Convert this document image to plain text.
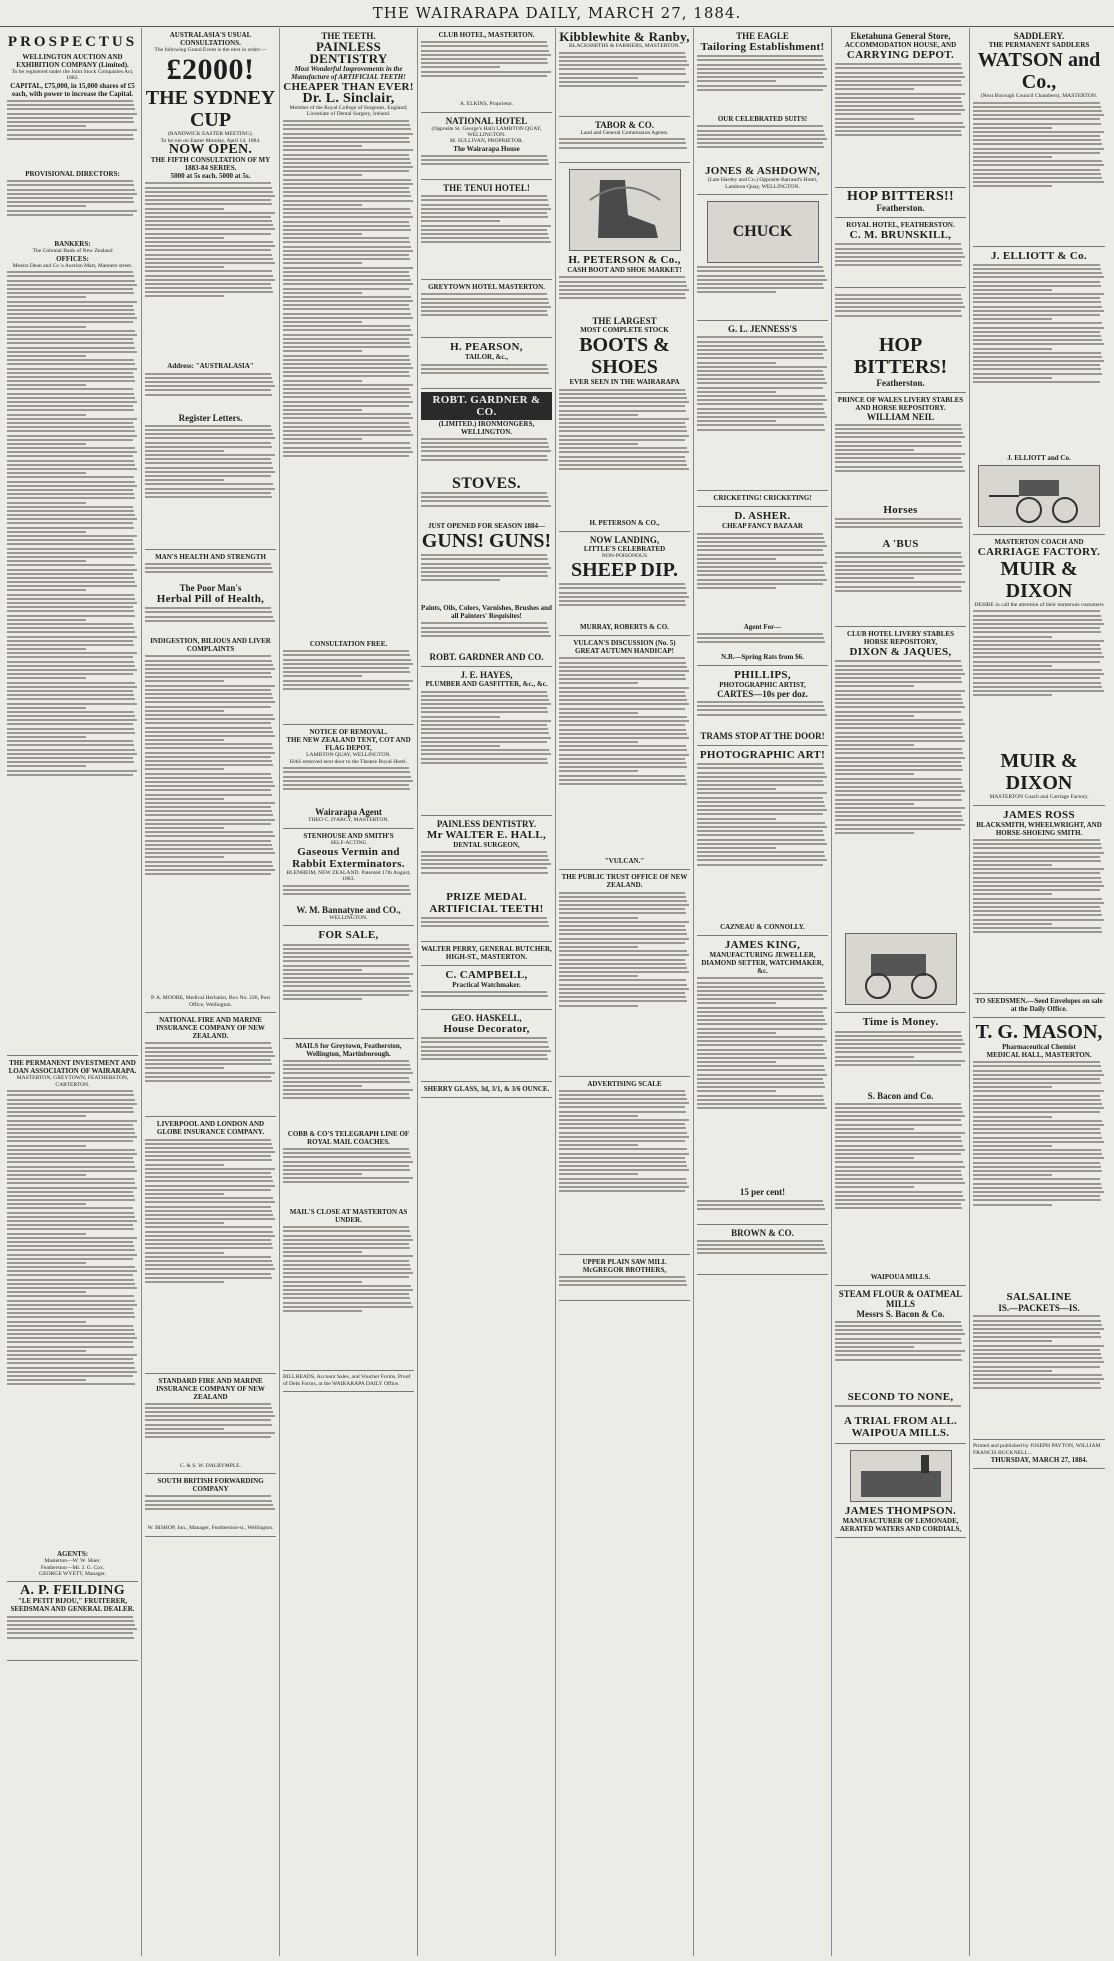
THE WAIRARAPA DAILY, MARCH 27, 1884.
PROSPECTUS
WELLINGTON AUCTION AND EXHIBITION COMPANY (Limited).
To be registered under the Joint Stock Companies Act, 1882.
CAPITAL, £75,000, in 15,000 shares of £5 each, with power to increase the Capital.
PROVISIONAL DIRECTORS:
BANKERS:
The Colonial Bank of New Zealand
OFFICES:
Messrs Dean and Co.'s Auction Mart, Manners street.
THE PERMANENT INVESTMENT AND LOAN ASSOCIATION OF WAIRARAPA.
MASTERTON, GREYTOWN, FEATHERSTON, CARTERTON.
AGENTS:
Masterton—W. W. Shier.
Featherston—Mr. J. G. Cox.
GEORGE WYETT, Manager.
A. P. FEILDING
"LE PETIT BIJOU," FRUITERER, SEEDSMAN AND GENERAL DEALER.
AUSTRALASIA'S USUAL CONSULTATIONS.
The following Grand Event is the next in order:—
£2000!
THE SYDNEY CUP
(RANDWICK EASTER MEETING).
To be run on Easter Monday, April 14, 1884.
NOW OPEN.
THE FIFTH CONSULTATION OF MY 1883-84 SERIES.
5000 at 5s each. 5000 at 5s.
Address: "AUSTRALASIA"
Register Letters.
MAN'S HEALTH AND STRENGTH
The Poor Man's
Herbal Pill of Health,
INDIGESTION, BILIOUS AND LIVER COMPLAINTS
P. A. MOORE, Medical Herbalist, Box No. 226, Post Office, Wellington.
NATIONAL FIRE AND MARINE INSURANCE COMPANY OF NEW ZEALAND.
LIVERPOOL AND LONDON AND GLOBE INSURANCE COMPANY.
STANDARD FIRE AND MARINE INSURANCE COMPANY OF NEW ZEALAND
C. & S. W. DALRYMPLE.
SOUTH BRITISH FORWARDING COMPANY
W. BISHOP, Jun., Manager, Featherston-st., Wellington.
THE TEETH.
PAINLESS DENTISTRY
Most Wonderful Improvements in the Manufacture of ARTIFICIAL TEETH!
CHEAPER THAN EVER!
Dr. L. Sinclair,
Member of the Royal College of Surgeons, England; Licentiate of Dental Surgery, Ireland.
CONSULTATION FREE.
NOTICE OF REMOVAL.
THE NEW ZEALAND TENT, COT AND FLAG DEPOT,
LAMBTON QUAY, WELLINGTON.
HAS removed next door to the Theatre Royal Hotel.
Wairarapa Agent
THEO C. D'ARCY, MASTERTON.
STENHOUSE AND SMITH'S
SELF-ACTING
Gaseous Vermin and Rabbit Exterminators.
BLENHEIM, NEW ZEALAND. Patented 17th August, 1883.
W. M. Bannatyne and CO.,
WELLINGTON.
FOR SALE,
MAILS for Greytown, Featherston, Wellington, Martinborough.
COBB & CO'S TELEGRAPH LINE OF ROYAL MAIL COACHES.
MAIL'S CLOSE AT MASTERTON AS UNDER.
BILLHEADS, Account Sales, and Voucher Forms, Proof of Debt Forms, at the WAIRARAPA DAILY Office.
CLUB HOTEL, MASTERTON.
A. ELKINS, Proprietor.
NATIONAL HOTEL
(Opposite St. George's Hall) LAMBTON QUAY, WELLINGTON.
M. SULLIVAN, PROPRIETOR.
The Wairarapa House
THE TENUI HOTEL!
GREYTOWN HOTEL MASTERTON.
H. PEARSON,
TAILOR, &c.,
ROBT. GARDNER & CO.
(LIMITED.) IRONMONGERS, WELLINGTON.
STOVES.
JUST OPENED FOR SEASON 1884—
GUNS! GUNS!
Paints, Oils, Colors, Varnishes, Brushes and all Painters' Requisites!
ROBT. GARDNER AND CO.
J. E. HAYES,
PLUMBER AND GASFITTER, &c., &c.
PAINLESS DENTISTRY.
Mr WALTER E. HALL,
DENTAL SURGEON,
PRIZE MEDAL ARTIFICIAL TEETH!
WALTER PERRY, GENERAL BUTCHER, HIGH-ST., MASTERTON.
C. CAMPBELL,
Practical Watchmaker.
GEO. HASKELL,
House Decorator,
SHERRY GLASS, 3d, 3/1, & 3/6 OUNCE.
Kibblewhite & Ranby,
BLACKSMITHS & FARRIERS, MASTERTON.
TABOR & CO.
Land and General Commission Agents.
H. PETERSON & Co.,
CASH BOOT AND SHOE MARKET!
THE LARGEST
MOST COMPLETE STOCK
BOOTS & SHOES
EVER SEEN IN THE WAIRARAPA
H. PETERSON & CO.,
NOW LANDING,
LITTLE'S CELEBRATED
NON-POISONOUS
SHEEP DIP.
MURRAY, ROBERTS & CO.
VULCAN'S DISCUSSION (No. 5)
GREAT AUTUMN HANDICAP!
"VULCAN."
THE PUBLIC TRUST OFFICE OF NEW ZEALAND.
ADVERTISING SCALE
UPPER PLAIN SAW MILL
McGREGOR BROTHERS,
THE EAGLE
Tailoring Establishment!
OUR CELEBRATED SUITS!
JONES & ASHDOWN,
(Late Hardey and Co.) Opposite Barraud's Hotel, Lambton-Quay, WELLINGTON.
CHUCK
G. L. JENNESS'S
CRICKETING! CRICKETING!
D. ASHER.
CHEAP FANCY BAZAAR
Agent For—
N.B.—Spring Rats from $6.
PHILLIPS,
PHOTOGRAPHIC ARTIST,
CARTES—10s per doz.
TRAMS STOP AT THE DOOR!
PHOTOGRAPHIC ART!
CAZNEAU & CONNOLLY.
JAMES KING,
MANUFACTURING JEWELLER, DIAMOND SETTER, WATCHMAKER, &c.
15 per cent!
BROWN & CO.
Eketahuna General Store,
ACCOMMODATION HOUSE, AND
CARRYING DEPOT.
HOP BITTERS!!
Featherston.
ROYAL HOTEL, FEATHERSTON.
C. M. BRUNSKILL,
HOP BITTERS!
Featherston.
PRINCE OF WALES LIVERY STABLES AND HORSE REPOSITORY.
WILLIAM NEIL
Horses
A 'BUS
CLUB HOTEL LIVERY STABLES
HORSE REPOSITORY,
DIXON & JAQUES,
Time is Money.
S. Bacon and Co.
WAIPOUA MILLS.
STEAM FLOUR & OATMEAL MILLS
Messrs S. Bacon & Co.
SECOND TO NONE,
A TRIAL FROM ALL.
WAIPOUA MILLS.
JAMES THOMPSON.
MANUFACTURER OF LEMONADE, AERATED WATERS AND CORDIALS,
SADDLERY.
THE PERMANENT SADDLERS
WATSON and Co.,
(Next Borough Council Chambers), MASTERTON.
J. ELLIOTT & Co.
J. ELLIOTT and Co.
MASTERTON COACH AND
CARRIAGE FACTORY.
MUIR & DIXON
DESIRE to call the attention of their numerous customers
MUIR & DIXON
MASTERTON Coach and Carriage Factory.
JAMES ROSS
BLACKSMITH, WHEELWRIGHT, AND HORSE-SHOEING SMITH.
TO SEEDSMEN.—Seed Envelopes on sale at the Daily Office.
T. G. MASON,
Pharmaceutical Chemist
MEDICAL HALL, MASTERTON.
SALSALINE
IS.—PACKETS—IS.
Printed and published by JOSEPH PAYTON, WILLIAM FRANCIS BUCKNELL...
THURSDAY, MARCH 27, 1884.
